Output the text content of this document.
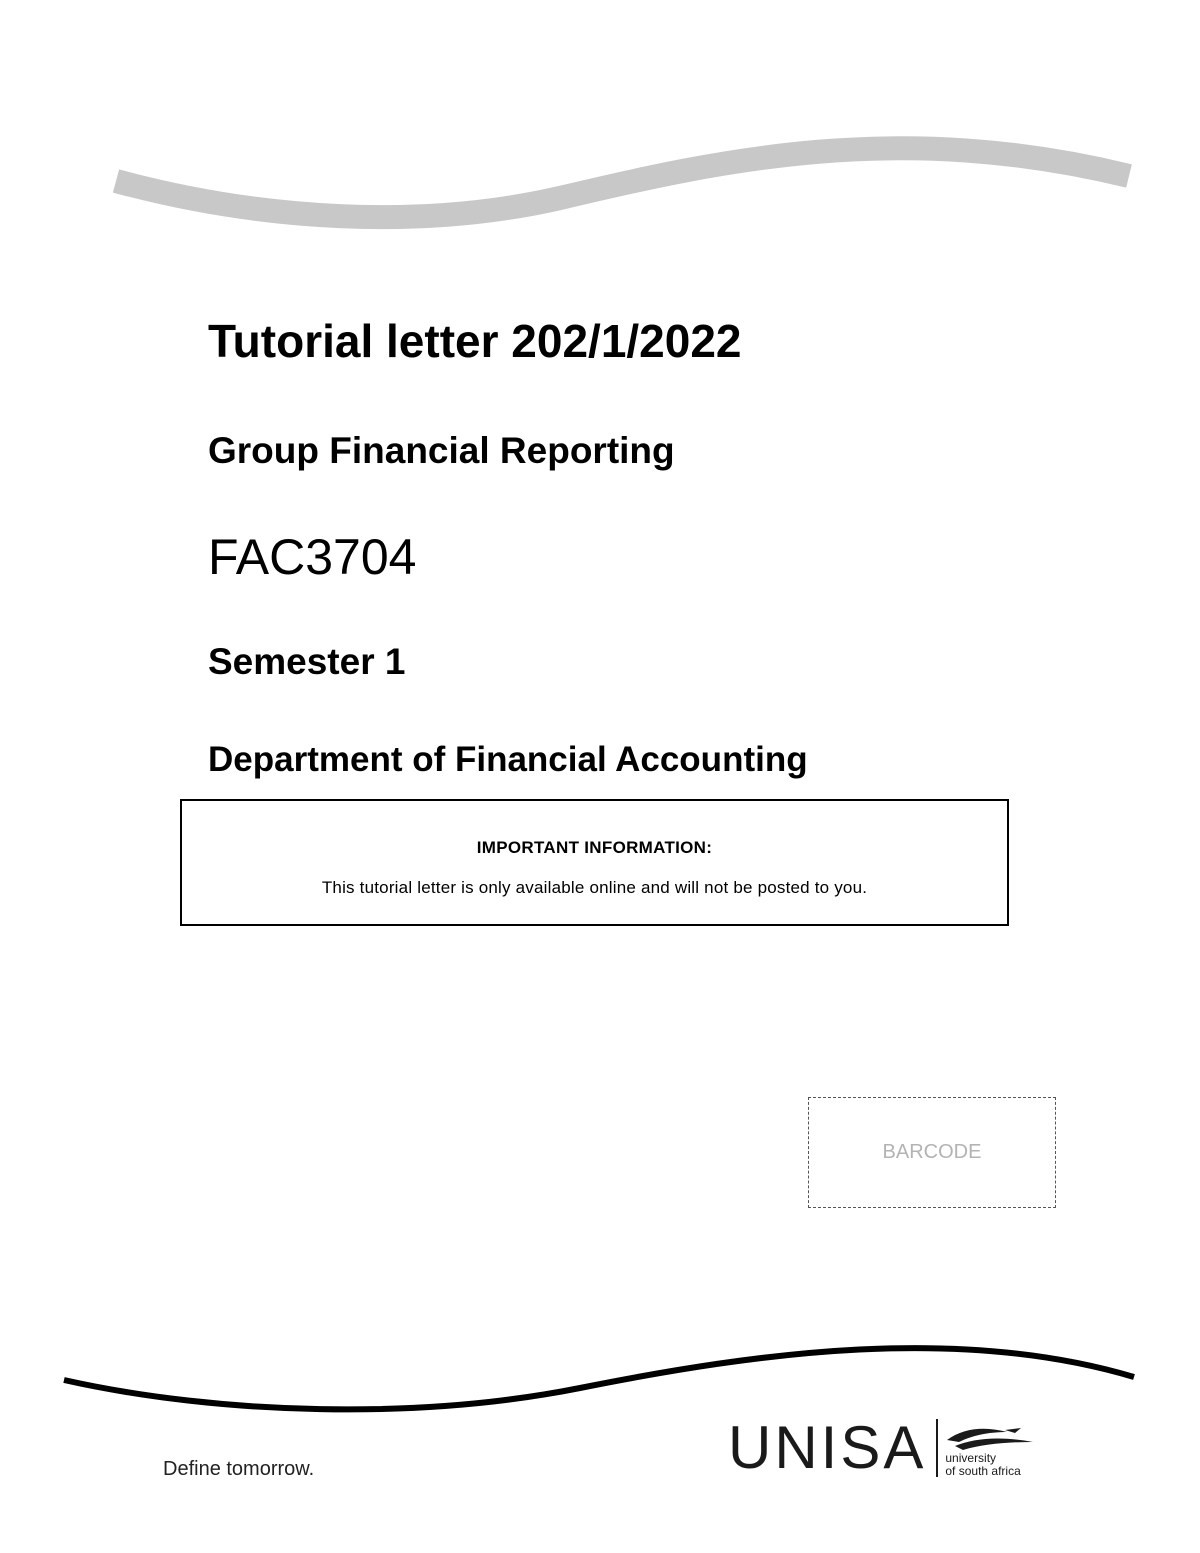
Tutorial letter 202/1/2022
Group Financial Reporting
FAC3704
Semester 1
Department of Financial Accounting
IMPORTANT INFORMATION:
This tutorial letter is only available online and will not be posted to you.
BARCODE
Define tomorrow.	UNISA university
of south africa
